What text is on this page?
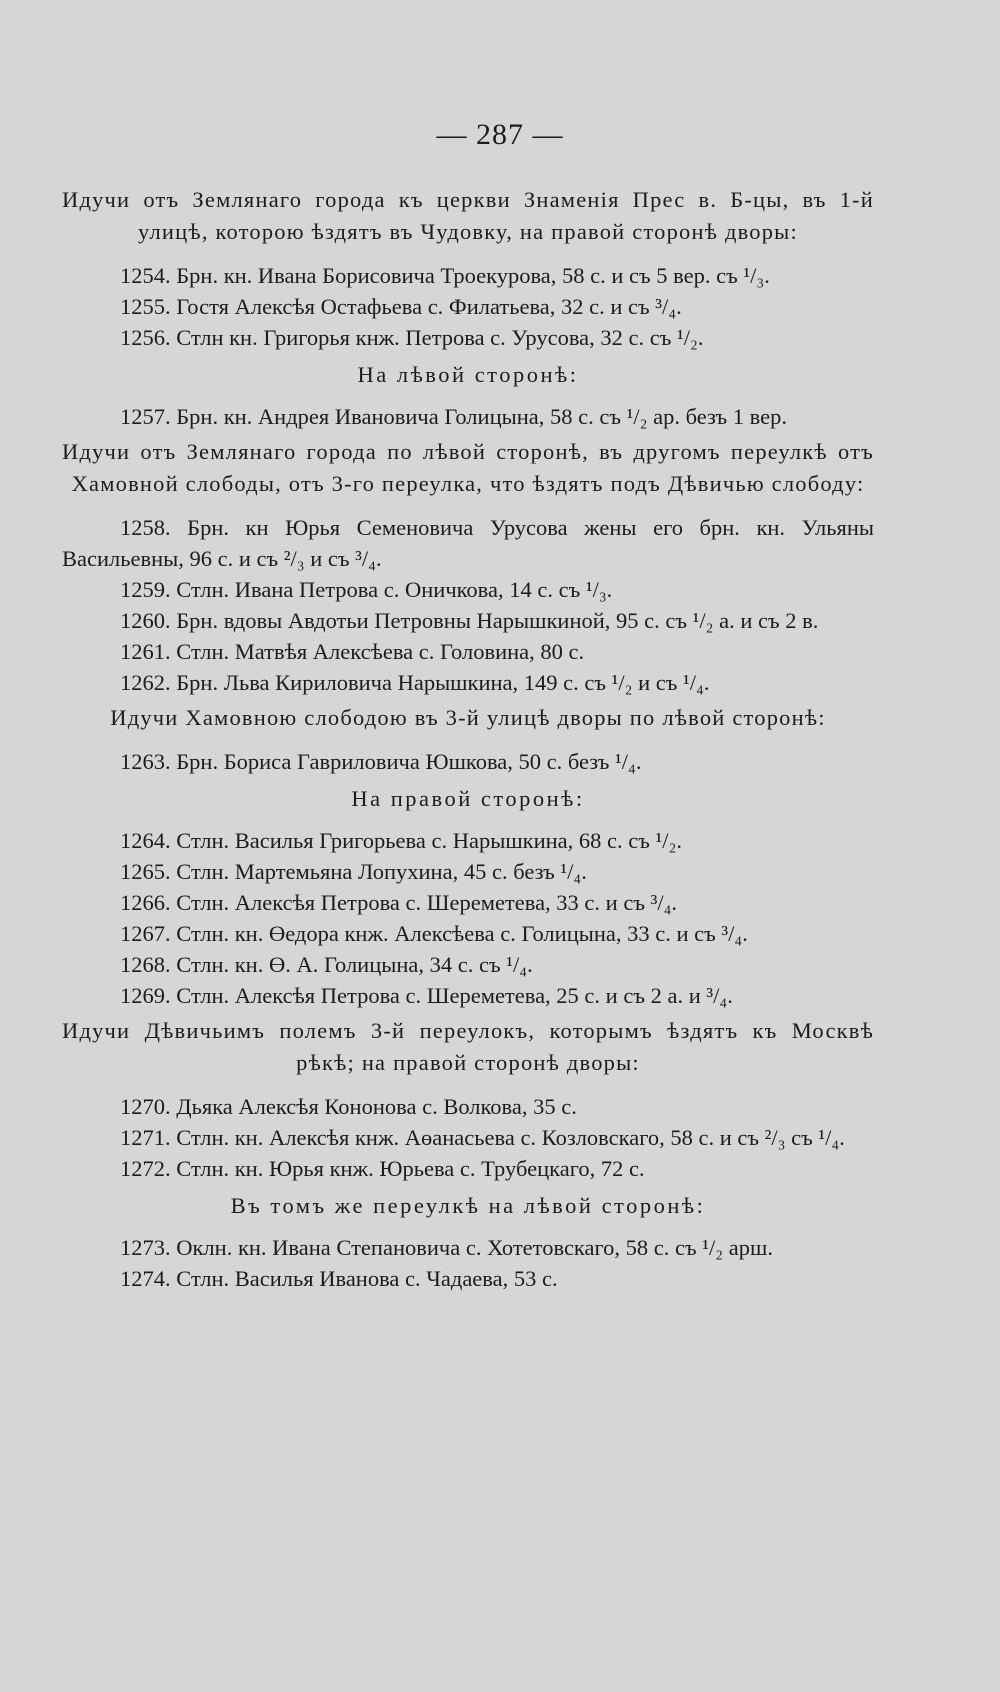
— 287 —

Идучи отъ Землянаго города къ церкви Знаменія Прес в. Б-цы, въ 1-й улицѣ, которою ѣздятъ въ Чудовку, на правой сторонѣ дворы:

1254. Брн. кн. Ивана Борисовича Троекурова, 58 с. и съ 5 вер. съ ¹/₃.

1255. Гостя Алексѣя Остафьева с. Филатьева, 32 с. и съ ³/₄.

1256. Стлн кн. Григорья кнж. Петрова с. Урусова, 32 с. съ ¹/₂.

На лѣвой сторонѣ:

1257. Брн. кн. Андрея Ивановича Голицына, 58 с. съ ¹/₂ ар. безъ 1 вер.

Идучи отъ Землянаго города по лѣвой сторонѣ, въ другомъ переулкѣ отъ Хамовной слободы, отъ 3-го переулка, что ѣздятъ подъ Дѣвичью слободу:

1258. Брн. кн Юрья Семеновича Урусова жены его брн. кн. Ульяны Васильевны, 96 с. и съ ²/₃ и съ ³/₄.

1259. Стлн. Ивана Петрова с. Оничкова, 14 с. съ ¹/₃.

1260. Брн. вдовы Авдотьи Петровны Нарышкиной, 95 с. съ ¹/₂ а. и съ 2 в.

1261. Стлн. Матвѣя Алексѣева с. Головина, 80 с.

1262. Брн. Льва Кириловича Нарышкина, 149 с. съ ¹/₂ и съ ¹/₄.

Идучи Хамовною слободою въ 3-й улицѣ дворы по лѣвой сторонѣ:

1263. Брн. Бориса Гавриловича Юшкова, 50 с. безъ ¹/₄.

На правой сторонѣ:

1264. Стлн. Василья Григорьева с. Нарышкина, 68 с. съ ¹/₂.

1265. Стлн. Мартемьяна Лопухина, 45 с. безъ ¹/₄.

1266. Стлн. Алексѣя Петрова с. Шереметева, 33 с. и съ ³/₄.

1267. Стлн. кн. Өедора кнж. Алексѣева с. Голицына, 33 с. и съ ³/₄.

1268. Стлн. кн. Ө. А. Голицына, 34 с. съ ¹/₄.

1269. Стлн. Алексѣя Петрова с. Шереметева, 25 с. и съ 2 а. и ³/₄.

Идучи Дѣвичьимъ полемъ 3-й переулокъ, которымъ ѣздятъ къ Москвѣ рѣкѣ; на правой сторонѣ дворы:

1270. Дьяка Алексѣя Кононова с. Волкова, 35 с.

1271. Стлн. кн. Алексѣя кнж. Аөанасьева с. Козловскаго, 58 с. и съ ²/₃ съ ¹/₄.

1272. Стлн. кн. Юрья кнж. Юрьева с. Трубецкаго, 72 с.

Въ томъ же переулкѣ на лѣвой сторонѣ:

1273. Оклн. кн. Ивана Степановича с. Хотетовскаго, 58 с. съ ¹/₂ арш.

1274. Стлн. Василья Иванова с. Чадаева, 53 с.
